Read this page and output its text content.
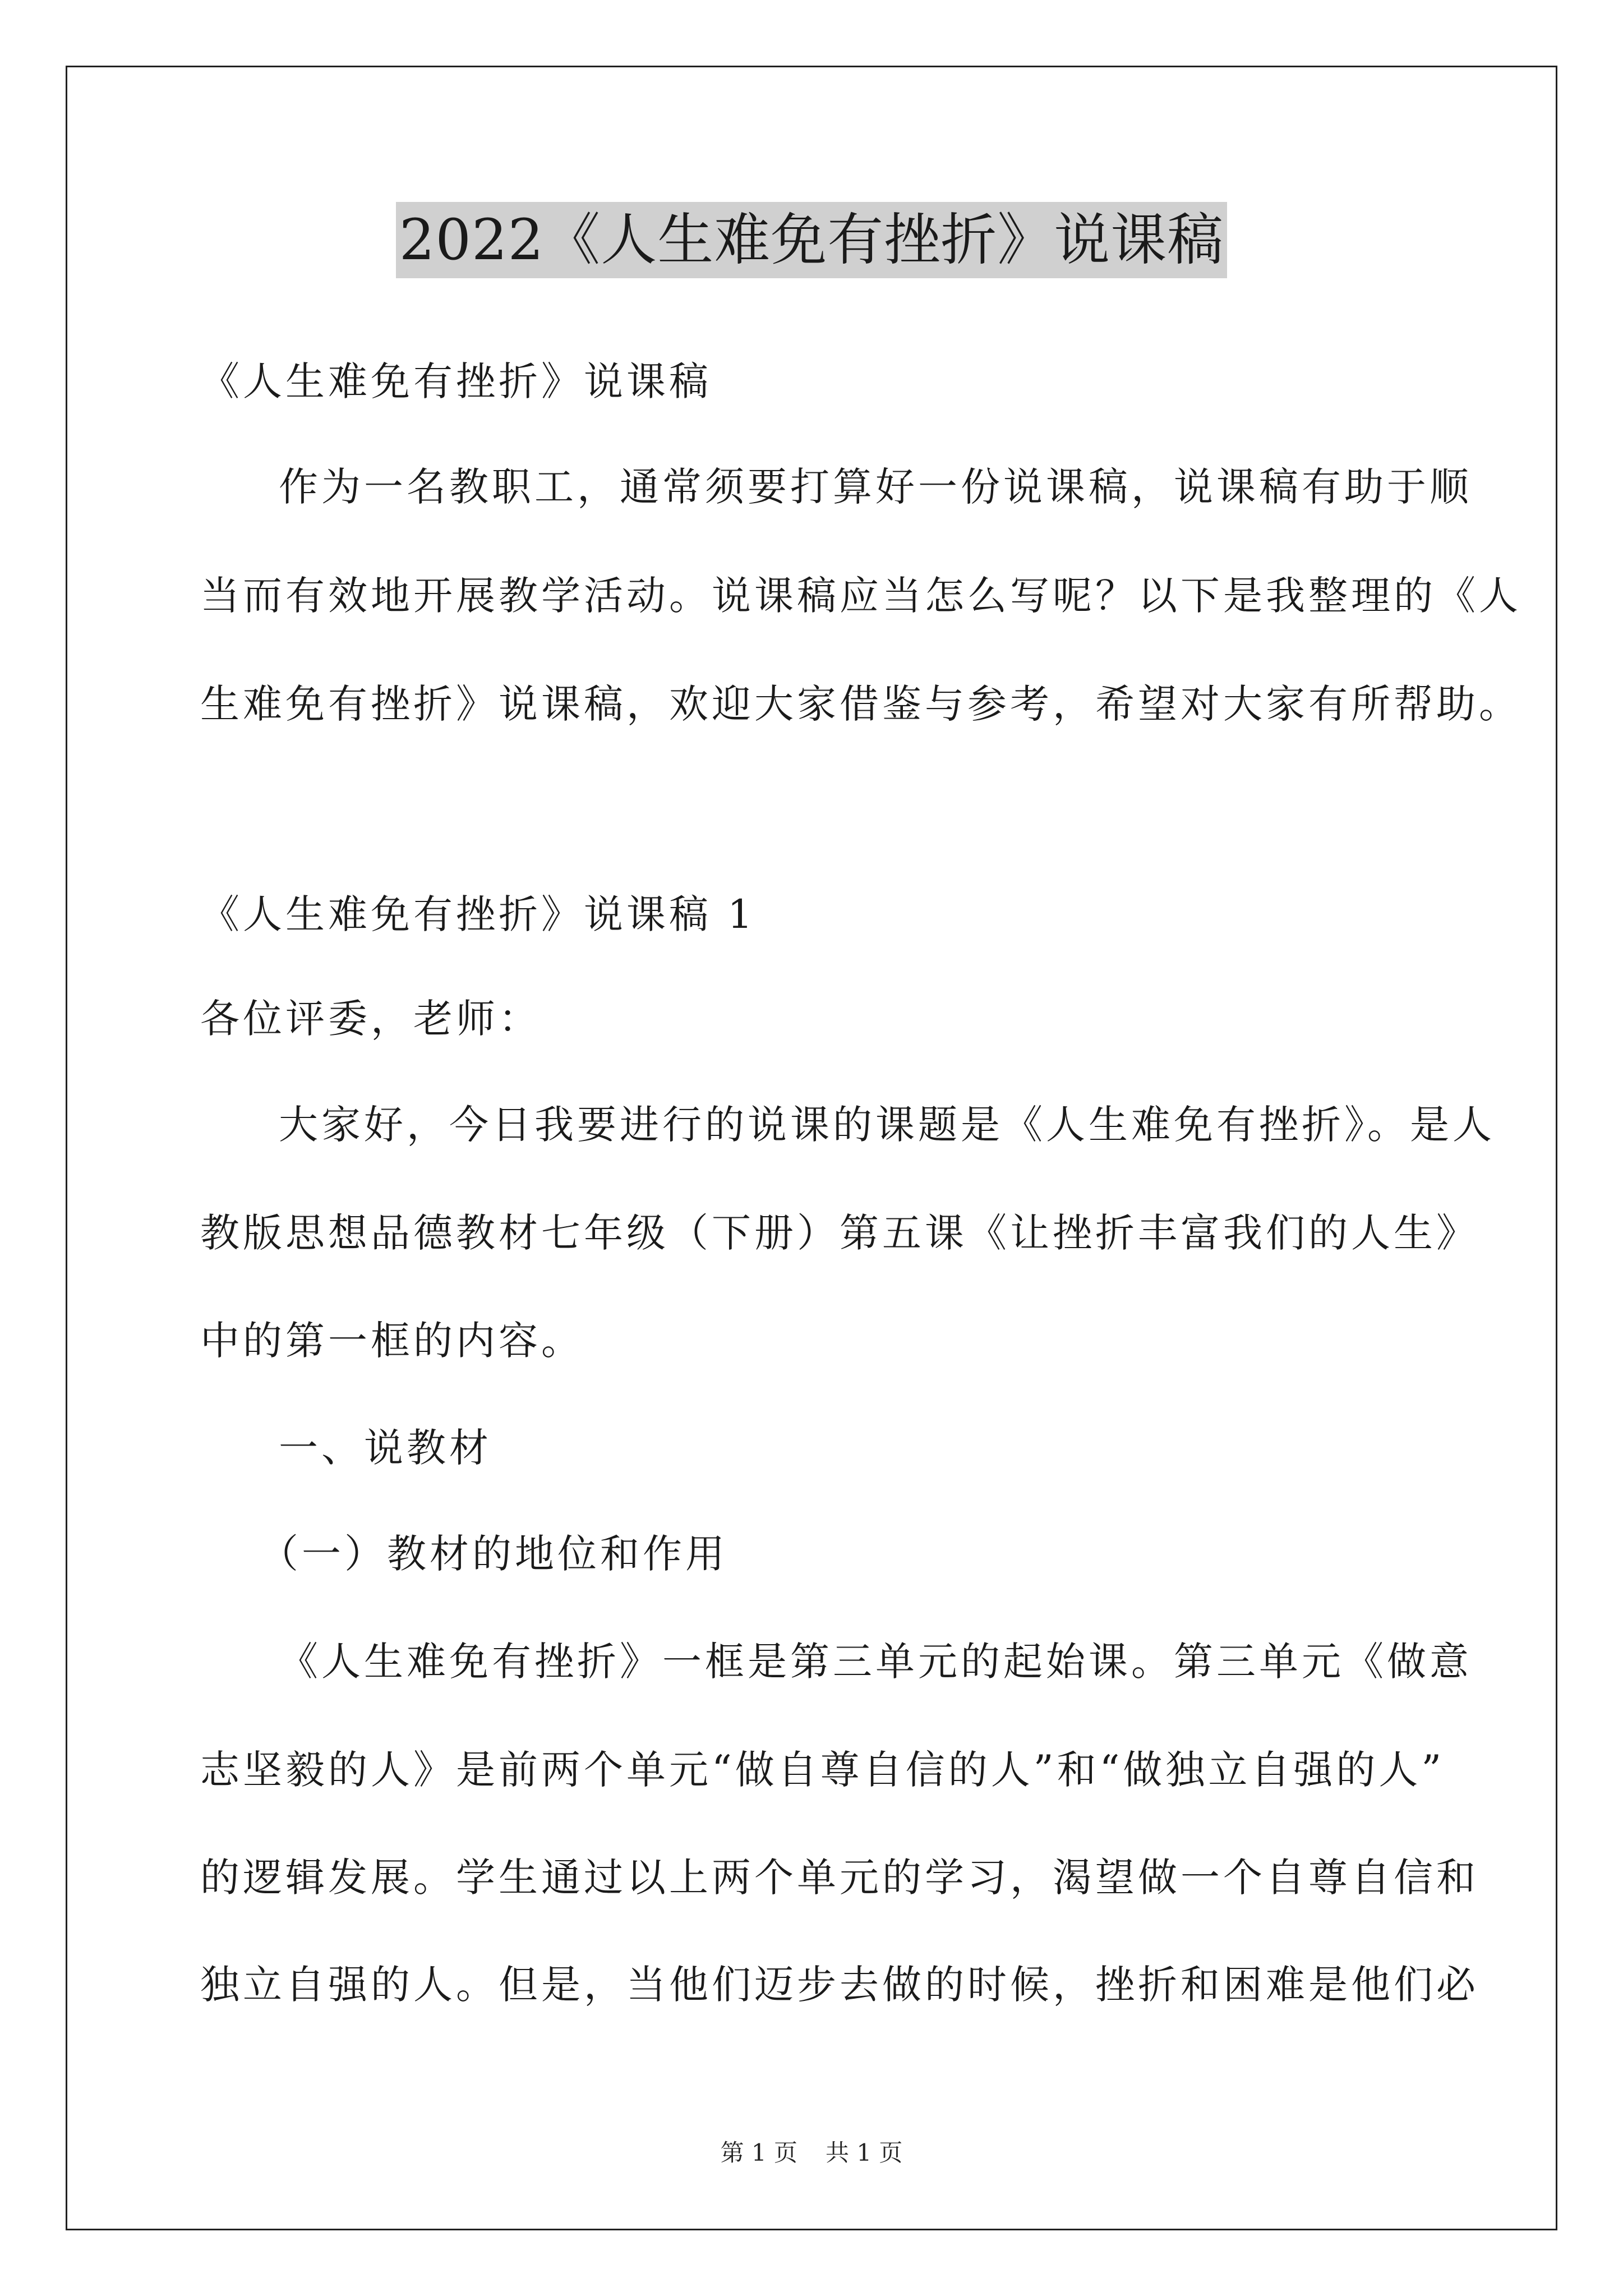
2022《人生难免有挫折》说课稿
《人生难免有挫折》说课稿
作为一名教职工，通常须要打算好一份说课稿，说课稿有助于顺
当而有效地开展教学活动。说课稿应当怎么写呢？以下是我整理的《人
生难免有挫折》说课稿，欢迎大家借鉴与参考，希望对大家有所帮助。
《人生难免有挫折》说课稿 1
各位评委，老师：
大家好，今日我要进行的说课的课题是《人生难免有挫折》。是人
教版思想品德教材七年级（下册）第五课《让挫折丰富我们的人生》
中的第一框的内容。
一、说教材
（一）教材的地位和作用
《人生难免有挫折》一框是第三单元的起始课。第三单元《做意
志坚毅的人》是前两个单元“做自尊自信的人”和“做独立自强的人”
的逻辑发展。学生通过以上两个单元的学习，渴望做一个自尊自信和
独立自强的人。但是，当他们迈步去做的时候，挫折和困难是他们必
第 1 页 共 1 页
